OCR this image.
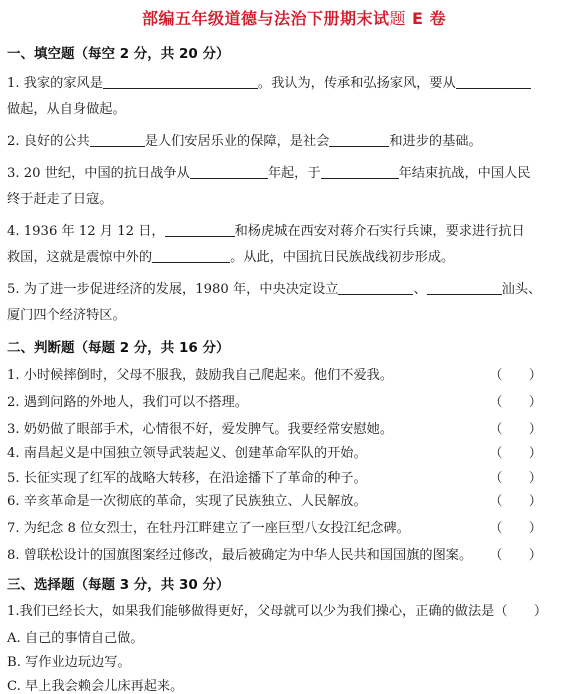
部编五年级道德与法治下册期末试题 E 卷
一、填空题（每空 2 分，共 20 分）
1. 我家的家风是	。我认为，传承和弘扬家风，要从
做起，从自身做起。
2. 良好的公共	是人们安居乐业的保障，是社会	和进步的基础。
3. 20 世纪，中国的抗日战争从	年起，于	年结束抗战，中国人民
终于赶走了日寇。
4. 1936 年 12 月 12 日，	和杨虎城在西安对蒋介石实行兵谏，要求进行抗日
救国，这就是震惊中外的	。从此，中国抗日民族战线初步形成。
5. 为了进一步促进经济的发展，1980 年，中央决定设立	、	汕头、
厦门四个经济特区。
二、判断题（每题 2 分，共 16 分）
1. 小时候摔倒时，父母不服我，鼓励我自己爬起来。他们不爱我。	（　　）
2. 遇到问路的外地人，我们可以不搭理。	（　　）
3. 奶奶做了眼部手术，心情很不好，爱发脾气。我要经常安慰她。	（　　）
4. 南昌起义是中国独立领导武装起义、创建革命军队的开始。	（　　）
5. 长征实现了红军的战略大转移，在沿途播下了革命的种子。	（　　）
6. 辛亥革命是一次彻底的革命，实现了民族独立、人民解放。	（　　）
7. 为纪念 8 位女烈士，在牡丹江畔建立了一座巨型八女投江纪念碑。	（　　）
8. 曾联松设计的国旗图案经过修改，最后被确定为中华人民共和国国旗的图案。 （　　）
三、选择题（每题 3 分，共 30 分）
1.我们已经长大，如果我们能够做得更好，父母就可以少为我们操心，正确的做法是（　　）
A. 自己的事情自己做。
B. 写作业边玩边写。
C. 早上我会赖会儿床再起来。
